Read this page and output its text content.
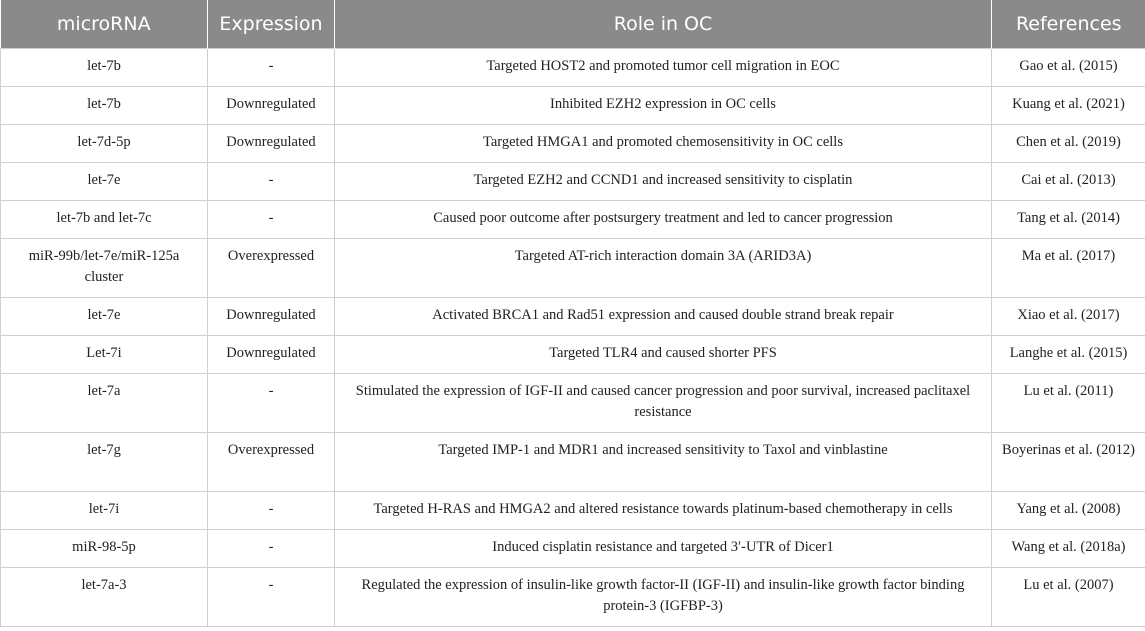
microRNA	Expression	Role in OC	References
let-7b	-	Targeted HOST2 and promoted tumor cell migration in EOC	Gao et al. (2015)
let-7b	Downregulated	Inhibited EZH2 expression in OC cells	Kuang et al. (2021)
let-7d-5p	Downregulated	Targeted HMGA1 and promoted chemosensitivity in OC cells	Chen et al. (2019)
let-7e	-	Targeted EZH2 and CCND1 and increased sensitivity to cisplatin	Cai et al. (2013)
let-7b and let-7c	-	Caused poor outcome after postsurgery treatment and led to cancer progression	Tang et al. (2014)
miR-99b/let-7e/miR-125a cluster	Overexpressed	Targeted AT-rich interaction domain 3A (ARID3A)	Ma et al. (2017)
let-7e	Downregulated	Activated BRCA1 and Rad51 expression and caused double strand break repair	Xiao et al. (2017)
Let-7i	Downregulated	Targeted TLR4 and caused shorter PFS	Langhe et al. (2015)
let-7a	-	Stimulated the expression of IGF-II and caused cancer progression and poor survival, increased paclitaxel resistance	Lu et al. (2011)
let-7g	Overexpressed	Targeted IMP-1 and MDR1 and increased sensitivity to Taxol and vinblastine	Boyerinas et al. (2012)
let-7i	-	Targeted H-RAS and HMGA2 and altered resistance towards platinum-based chemotherapy in cells	Yang et al. (2008)
miR-98-5p	-	Induced cisplatin resistance and targeted 3′-UTR of Dicer1	Wang et al. (2018a)
let-7a-3	-	Regulated the expression of insulin-like growth factor-II (IGF-II) and insulin-like growth factor binding protein-3 (IGFBP-3)	Lu et al. (2007)
